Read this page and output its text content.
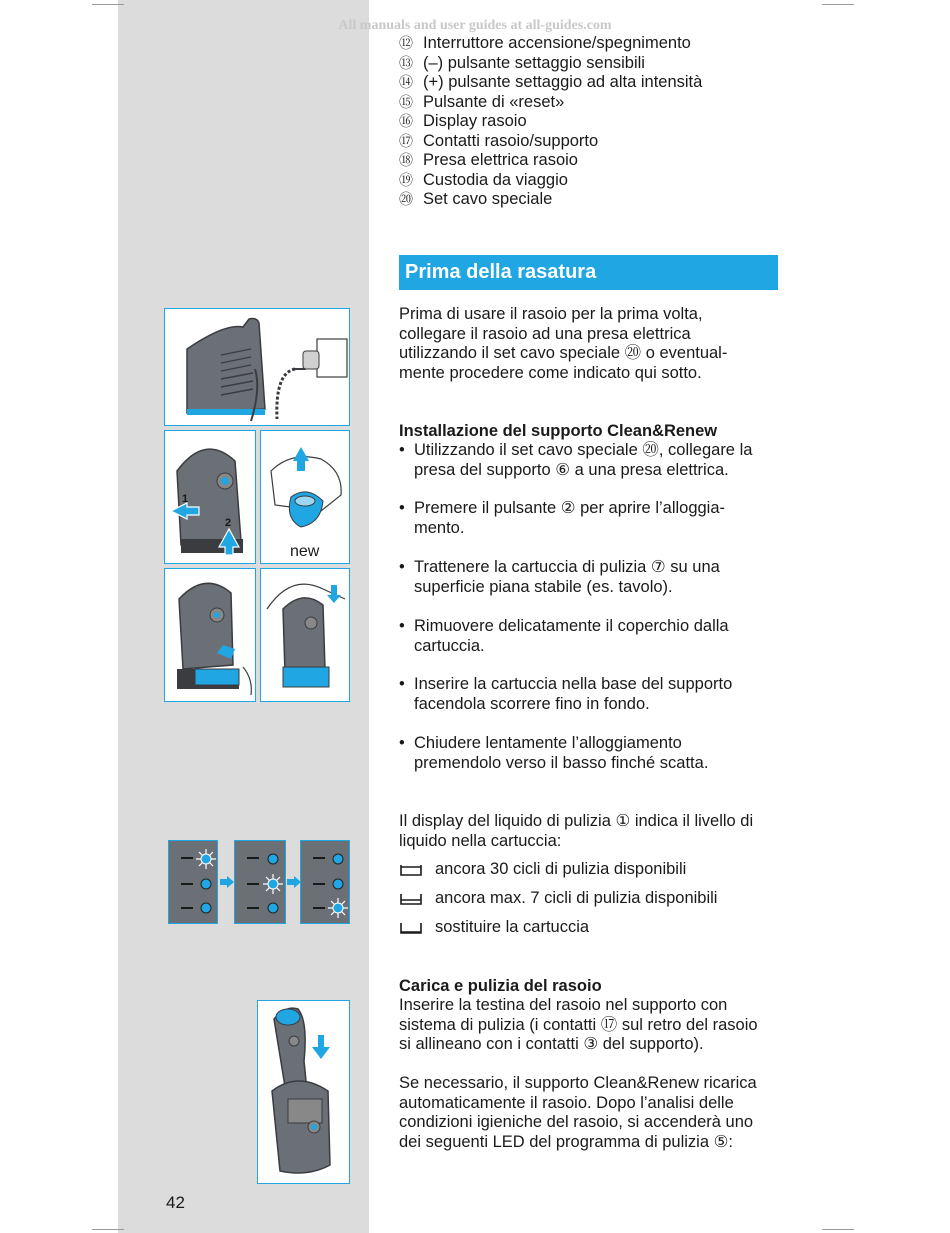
All manuals and user guides at all-guides.com
⑫ Interruttore accensione/spegnimento
⑬ (–) pulsante settaggio sensibili
⑭ (+) pulsante settaggio ad alta intensità
⑮ Pulsante di «reset»
⑯ Display rasoio
⑰ Contatti rasoio/supporto
⑱ Presa elettrica rasoio
⑲ Custodia da viaggio
⑳ Set cavo speciale
Prima della rasatura

Prima di usare il rasoio per la prima volta,

collegare il rasoio ad una presa elettrica

utilizzando il set cavo speciale ⑳ o eventual-

mente procedere come indicato qui sotto.

Installazione del supporto Clean&Renew
• Utilizzando il set cavo speciale ⑳, collegare la
presa del supporto ⑥ a una presa elettrica.
• Premere il pulsante ② per aprire l’alloggia-
mento.
• Trattenere la cartuccia di pulizia ⑦ su una
superficie piana stabile (es. tavolo).
• Rimuovere delicatamente il coperchio dalla
cartuccia.
• Inserire la cartuccia nella base del supporto
facendola scorrere fino in fondo.
• Chiudere lentamente l’alloggiamento
premendolo verso il basso finché scatta.

Il display del liquido di pulizia ① indica il livello di

liquido nella cartuccia:

ancora 30 cicli di pulizia disponibili
ancora max. 7 cicli di pulizia disponibili
sostituire la cartuccia
Carica e pulizia del rasoio

Inserire la testina del rasoio nel supporto con

sistema di pulizia (i contatti ⑰ sul retro del rasoio

si allineano con i contatti ③ del supporto).

Se necessario, il supporto Clean&Renew ricarica

automaticamente il rasoio. Dopo l’analisi delle

condizioni igieniche del rasoio, si accenderà uno

dei seguenti LED del programma di pulizia ⑤:

1
2
new
42
